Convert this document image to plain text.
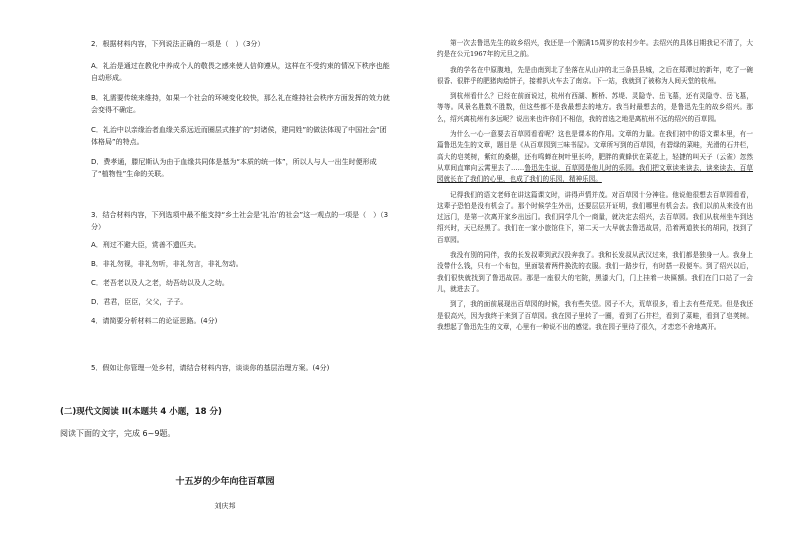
2．根据材料内容，下列说法正确的一项是（　）（3分）

A．礼治是通过在教化中养成个人的敬畏之感来使人信仰遵从，这样在不受约束的情况下秩序也能自动形成。

B．礼需要传统来维持，如果一个社会的环境变化较快，那么礼在维持社会秩序方面发挥的效力就会变得不确定。

C．礼治中以亲缘治者血缘关系远近而圈层式推扩的“封诸侯，建同姓”的做法体现了中国社会“团体格局”的特点。

D．费孝通，滕尼斯认为由于血缘共同体是基为“本质的统一体”，所以人与人一出生时便形成了“植物性”生命的关联。

3．结合材料内容，下列选项中最不能支持“乡土社会是‘礼治’的社会”这一观点的一项是（　）（3分）

A．刑过不避大臣，赏善不遗匹夫。

B．非礼勿视，非礼勿听，非礼勿言，非礼勿动。

C．老吾老以及人之老，幼吾幼以及人之幼。

D．君君，臣臣，父父，子子。

4．请简要分析材料二的论证思路。(4分)

5．假如让你管理一处乡村，请结合材料内容，谈谈你的基层治理方案。(4分)
(二)现代文阅读 II(本题共 4 小题，18 分)
阅读下面的文字，完成 6~9题。
十五岁的少年向往百草园
刘庆邦

第一次去鲁迅先生的故乡绍兴，我还是一个刚满15周岁的农村少年。去绍兴的具体日期我记不清了，大约是在公元1967年的元旦之前。

我的学名在中原腹地，先是由南到北了坐落在从山冲的北三条县县城，之后在郑潭过的新年，吃了一碗很香、很胖乎的肥猪肉烩饼子，接着扒火车去了南京。下一站，我就到了被称为人间天堂的杭州。

到杭州看什么？已经在前面说过，杭州有西湖、断桥、苏堤、灵隐寺、岳飞墓，还有灵隐寺、岳飞墓，等等。风景名胜数不胜数，但这些都不是我最想去的地方。我当时最想去的，是鲁迅先生的故乡绍兴。那么，绍兴离杭州有多远呢？说出来也许你们不相信，我的首选之地是离杭州不远的绍兴的百草园。

为什么一心一意要去百草园看看呢？这也是课本的作用。文章的力量。在我们初中的语文课本里，有一篇鲁迅先生的文章，题目是《从百草园到三味书屋》。文章所写到的百草园，有碧绿的菜畦，光滑的石井栏，高大的皂荚树，紫红的桑椹，还有鸣蝉在树叶里长吟，肥胖的黄蜂伏在菜花上，轻捷的叫天子（云雀）忽然从草间直窜向云霄里去了……鲁迅先生说，百草园是他儿时的乐园。我们把文章读来读去，读来读去，百草园就长在了我们的心里，也成了我们的乐园，精神乐园。

记得我们的语文老师在讲这篇课文时，讲得声情并茂。对百草园十分神往。他说他很想去百草园看看，这辈子恐怕是没有机会了。那个时候学生外出，还要层层开证明，我们哪里有机会去。我们以前从来没有出过远门，是第一次离开家乡出远门。我们同学几个一商量，就决定去绍兴，去百草园。我们从杭州坐车到达绍兴时，天已经黑了。我们在一家小旅馆住下，第二天一大早就去鲁迅故居，沿着两道狭长的胡同，找到了百草园。

我没有别的同伴，我的长发叔辈到武汉投奔我了。我和长发叔从武汉过来，我们都是独身一人。我身上没带什么钱，只有一个布包，里面装着两件换洗的衣服。我们一路步行，有时搭一段便车。到了绍兴以后，我们很快就找到了鲁迅故居。那是一座很大的宅院，黑漆大门，门上挂着一块匾额。我们在门口站了一会儿，就进去了。

到了，我的面前展现出百草园的时候，我有些失望。园子不大，荒草很多，看上去有些荒芜。但是我还是很高兴，因为我终于来到了百草园。我在园子里转了一圈，看到了石井栏，看到了菜畦，看到了皂荚树。我想起了鲁迅先生的文章，心里有一种说不出的感觉。我在园子里待了很久，才恋恋不舍地离开。
